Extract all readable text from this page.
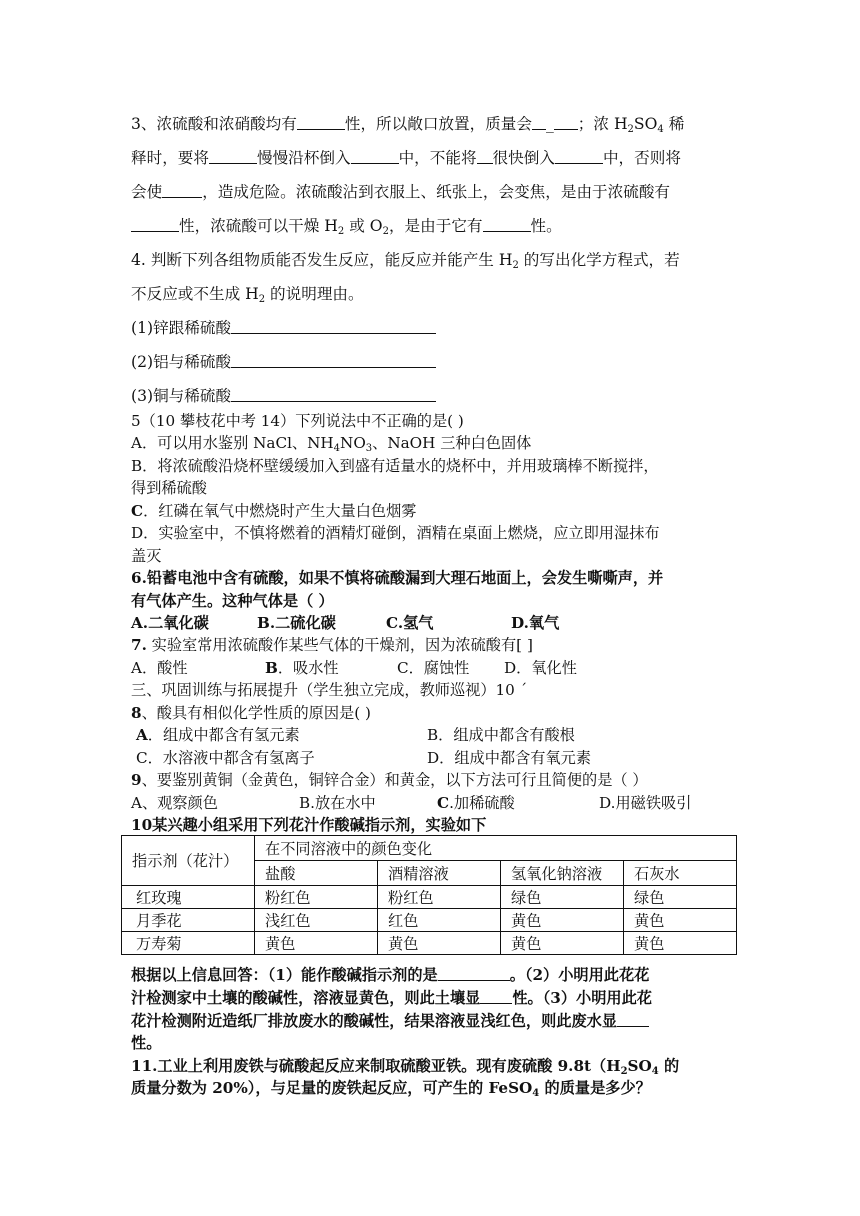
3、浓硫酸和浓硝酸均有	性，所以敞口放置，质量会 _ ；浓 $H_2SO_4$ 稀
释时，要将	慢慢沿杯倒入	中，不能将 很快倒入	中，否则将
会使	，造成危险。浓硫酸沾到衣服上、纸张上，会变焦，是由于浓硫酸有
性，浓硫酸可以干燥 $H_2$ 或 $O_2$，是由于它有	性。
4. 判断下列各组物质能否发生反应，能反应并能产生 $H_2$ 的写出化学方程式，若
不反应或不生成 $H_2$ 的说明理由。
(1)锌跟稀硫酸
(2)铝与稀硫酸
(3)铜与稀硫酸
5（10 攀枝花中考 14）下列说法中不正确的是( )
A．可以用水鉴别 NaCl、$NH_4NO_3$、NaOH 三种白色固体
B．将浓硫酸沿烧杯壁缓缓加入到盛有适量水的烧杯中，并用玻璃棒不断搅拌，
得到稀硫酸
C．红磷在氧气中燃烧时产生大量白色烟雾
D．实验室中，不慎将燃着的酒精灯碰倒，酒精在桌面上燃烧，应立即用湿抹布
盖灭
6.铅蓄电池中含有硫酸，如果不慎将硫酸漏到大理石地面上，会发生嘶嘶声，并
有气体产生。这种气体是（ ）
A.二氧化碳	B.二硫化碳	C.氢气	D.氧气
7. 实验室常用浓硫酸作某些气体的干燥剂，因为浓硫酸有[ ]
A．酸性	B．吸水性	C．腐蚀性 D．氧化性
三、巩固训练与拓展提升（学生独立完成，教师巡视）10 ˊ
8、酸具有相似化学性质的原因是( )
A．组成中都含有氢元素	B．组成中都含有酸根
C．水溶液中都含有氢离子	D．组成中都含有氧元素
9、要鉴别黄铜（金黄色，铜锌合金）和黄金，以下方法可行且简便的是（ ）
A、观察颜色	B.放在水中	C.加稀硫酸	D.用磁铁吸引
10某兴趣小组采用下列花汁作酸碱指示剂，实验如下
指示剂（花汁）	在不同溶液中的颜色变化			
	盐酸	酒精溶液	氢氧化钠溶液	石灰水
红玫瑰	粉红色	粉红色	绿色	绿色
月季花	浅红色	红色	黄色	黄色
万寿菊	黄色	黄色	黄色	黄色
根据以上信息回答：（1）能作酸碱指示剂的是	。（2）小明用此花花
汁检测家中土壤的酸碱性，溶液显黄色，则此土壤显 性。（3）小明用此花
花汁检测附近造纸厂排放废水的酸碱性，结果溶液显浅红色，则此废水显
性。
11.工业上利用废铁与硫酸起反应来制取硫酸亚铁。现有废硫酸 $9.8t(H_2SO_4$ 的
质量分数为 20%），与足量的废铁起反应，可产生的 FeSO$_4$ 的质量是多少？
